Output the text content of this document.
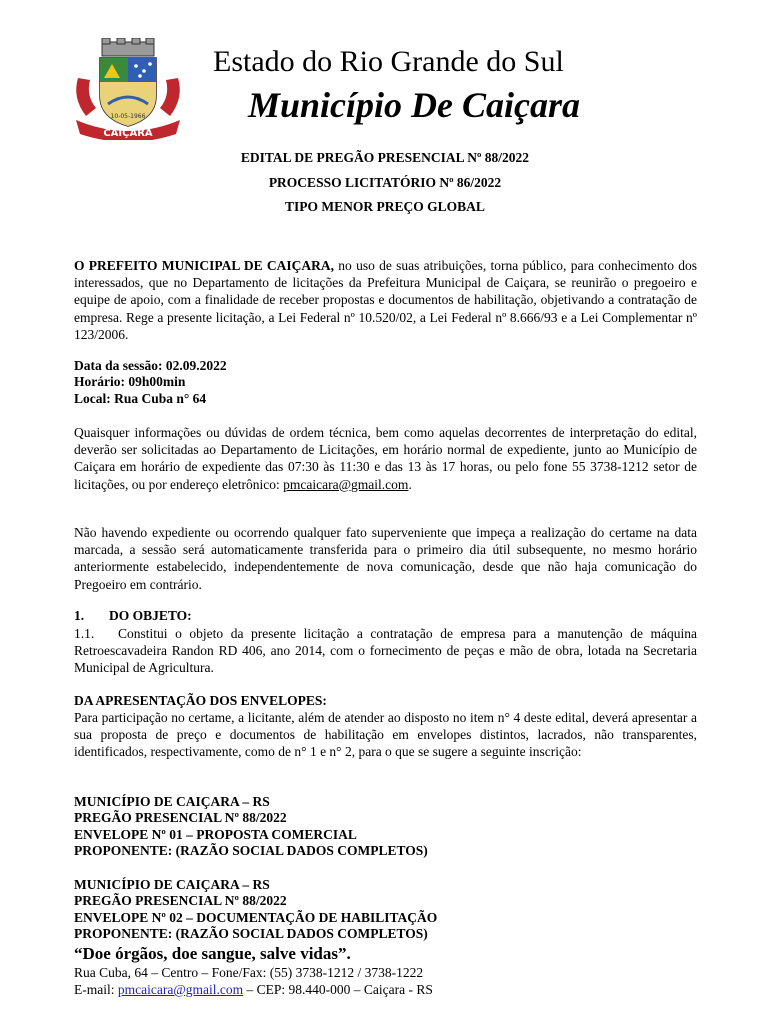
10-05-1966
CAIÇARA
Estado do Rio Grande do Sul
Município De Caiçara
EDITAL DE PREGÃO PRESENCIAL Nº 88/2022
PROCESSO LICITATÓRIO Nº 86/2022
TIPO MENOR PREÇO GLOBAL

O PREFEITO MUNICIPAL DE CAIÇARA, no uso de suas atribuições, torna público, para conhecimento dos interessados, que no Departamento de licitações da Prefeitura Municipal de Caiçara, se reunirão o pregoeiro e equipe de apoio, com a finalidade de receber propostas e documentos de habilitação, objetivando a contratação de empresa. Rege a presente licitação, a Lei Federal nº 10.520/02, a Lei Federal nº 8.666/93 e a Lei Complementar nº 123/2006.

Data da sessão: 02.09.2022
Horário: 09h00min
Local: Rua Cuba n° 64

Quaisquer informações ou dúvidas de ordem técnica, bem como aquelas decorrentes de interpretação do edital, deverão ser solicitadas ao Departamento de Licitações, em horário normal de expediente, junto ao Município de Caiçara em horário de expediente das 07:30 às 11:30 e das 13 às 17 horas, ou pelo fone 55 3738-1212 setor de licitações, ou por endereço eletrônico: pmcaicara@gmail.com.

Não havendo expediente ou ocorrendo qualquer fato superveniente que impeça a realização do certame na data marcada, a sessão será automaticamente transferida para o primeiro dia útil subsequente, no mesmo horário anteriormente estabelecido, independentemente de nova comunicação, desde que não haja comunicação do Pregoeiro em contrário.

1. DO OBJETO:

Constitui o objeto da presente licitação a contratação de empresa para a manutenção de máquina Retroescavadeira Randon RD 406, ano 2014, com o fornecimento de peças e mão de obra, lotada na Secretaria Municipal de Agricultura.

1.1.
DA APRESENTAÇÃO DOS ENVELOPES:

Para participação no certame, a licitante, além de atender ao disposto no item n° 4 deste edital, deverá apresentar a sua proposta de preço e documentos de habilitação em envelopes distintos, lacrados, não transparentes, identificados, respectivamente, como de n° 1 e n° 2, para o que se sugere a seguinte inscrição:

MUNICÍPIO DE CAIÇARA – RS
PREGÃO PRESENCIAL Nº 88/2022
ENVELOPE Nº 01 – PROPOSTA COMERCIAL
PROPONENTE: (RAZÃO SOCIAL DADOS COMPLETOS)
MUNICÍPIO DE CAIÇARA – RS
PREGÃO PRESENCIAL Nº 88/2022
ENVELOPE Nº 02 – DOCUMENTAÇÃO DE HABILITAÇÃO
PROPONENTE: (RAZÃO SOCIAL DADOS COMPLETOS)
“Doe órgãos, doe sangue, salve vidas”.
Rua Cuba, 64 – Centro – Fone/Fax: (55) 3738-1212 / 3738-1222
E-mail: pmcaicara@gmail.com – CEP: 98.440-000 – Caiçara - RS
